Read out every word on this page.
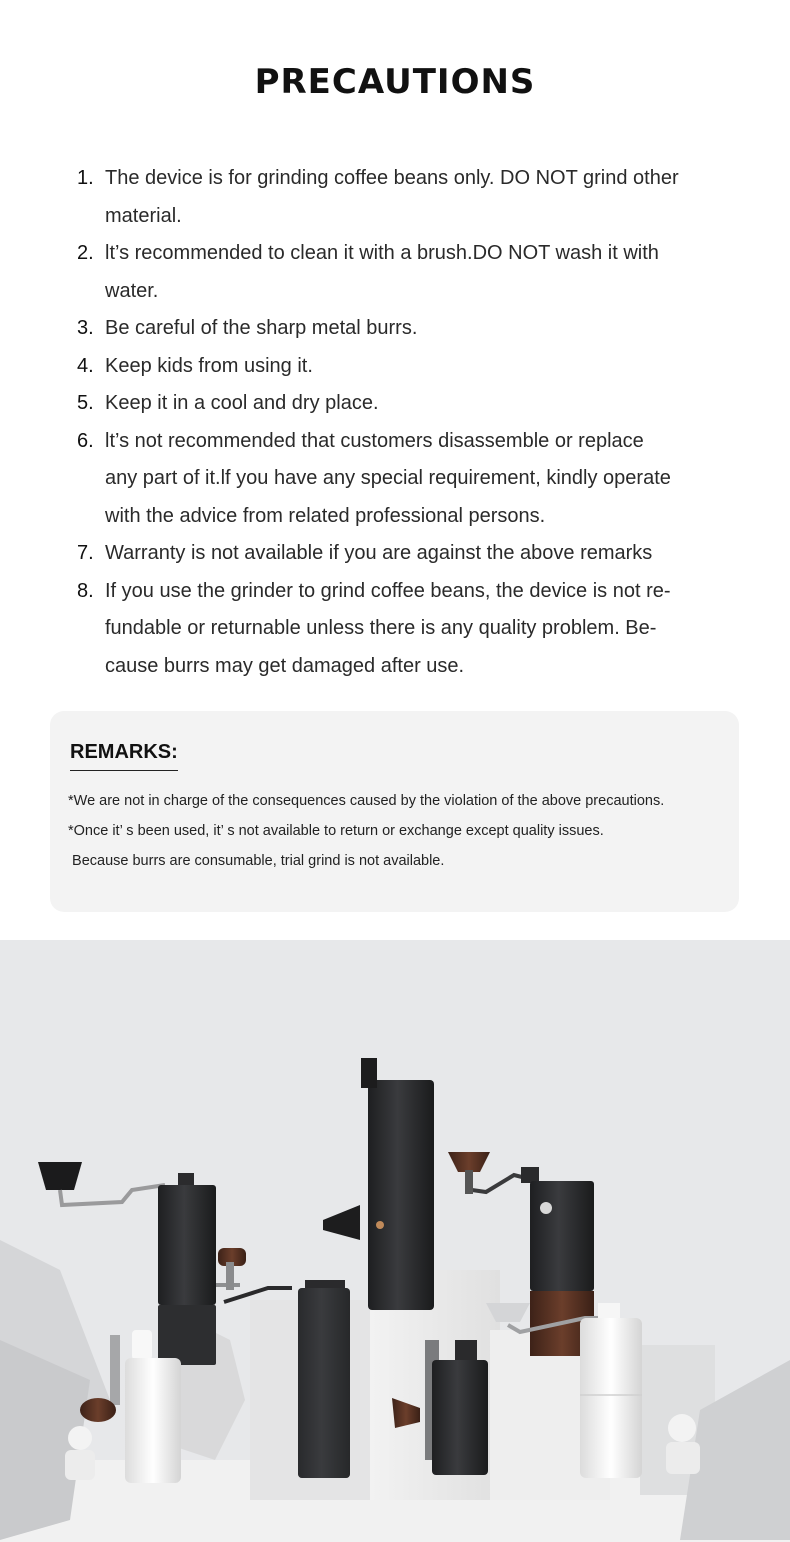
PRECAUTIONS
1. The device is for grinding coffee beans only. DO NOT grind other
material.
2. lt’s recommended to clean it with a brush.DO NOT wash it with
water.
3. Be careful of the sharp metal burrs.
4. Keep kids from using it.
5. Keep it in a cool and dry place.
6. lt’s not recommended that customers disassemble or replace
any part of it.lf you have any special requirement, kindly operate
with the advice from related professional persons.
7. Warranty is not available if you are against the above remarks
8. If you use the grinder to grind coffee beans, the device is not re-
fundable or returnable unless there is any quality problem. Be-
cause burrs may get damaged after use.
REMARKS:
*We are not in charge of the consequences caused by the violation of the above precautions.
*Once it’ s been used, it’ s not available to return or exchange except quality issues.
Because burrs are consumable, trial grind is not available.
